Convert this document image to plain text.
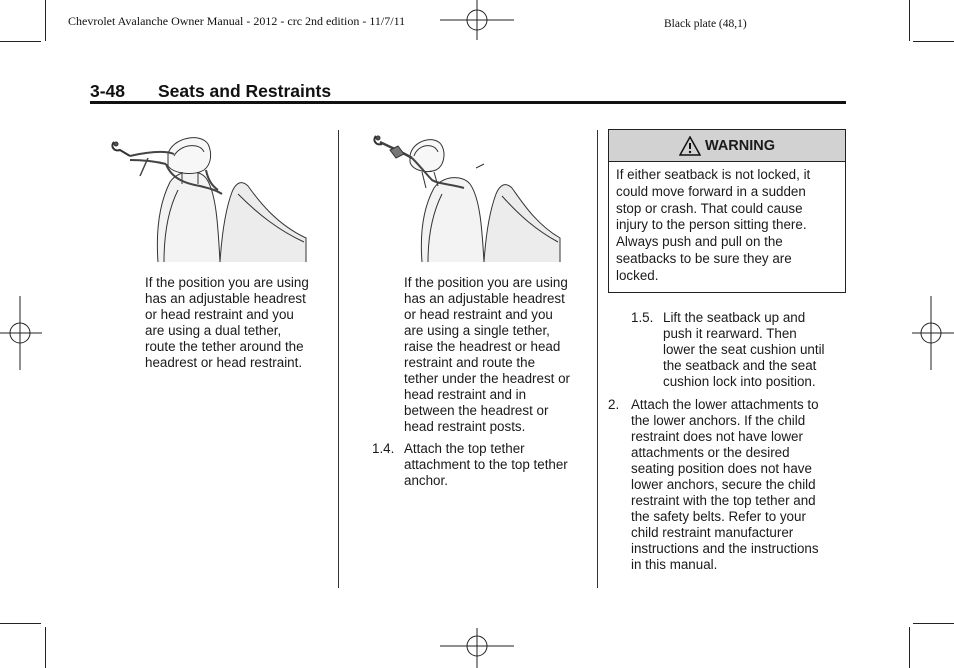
Chevrolet Avalanche Owner Manual - 2012 - crc 2nd edition - 11/7/11	Black plate (48,1)
3-48 Seats and Restraints
If the position you are using
has an adjustable headrest
or head restraint and you
are using a dual tether,
route the tether around the
headrest or head restraint.
If the position you are using
has an adjustable headrest
or head restraint and you
are using a single tether,
raise the headrest or head
restraint and route the
tether under the headrest or
head restraint and in
between the headrest or
head restraint posts.
1.4. Attach the top tether
attachment to the top tether
anchor.
WARNING
If either seatback is not locked, it
could move forward in a sudden
stop or crash. That could cause
injury to the person sitting there.
Always push and pull on the
seatbacks to be sure they are
locked.
1.5. Lift the seatback up and
push it rearward. Then
lower the seat cushion until
the seatback and the seat
cushion lock into position.
2. Attach the lower attachments to
the lower anchors. If the child
restraint does not have lower
attachments or the desired
seating position does not have
lower anchors, secure the child
restraint with the top tether and
the safety belts. Refer to your
child restraint manufacturer
instructions and the instructions
in this manual.
